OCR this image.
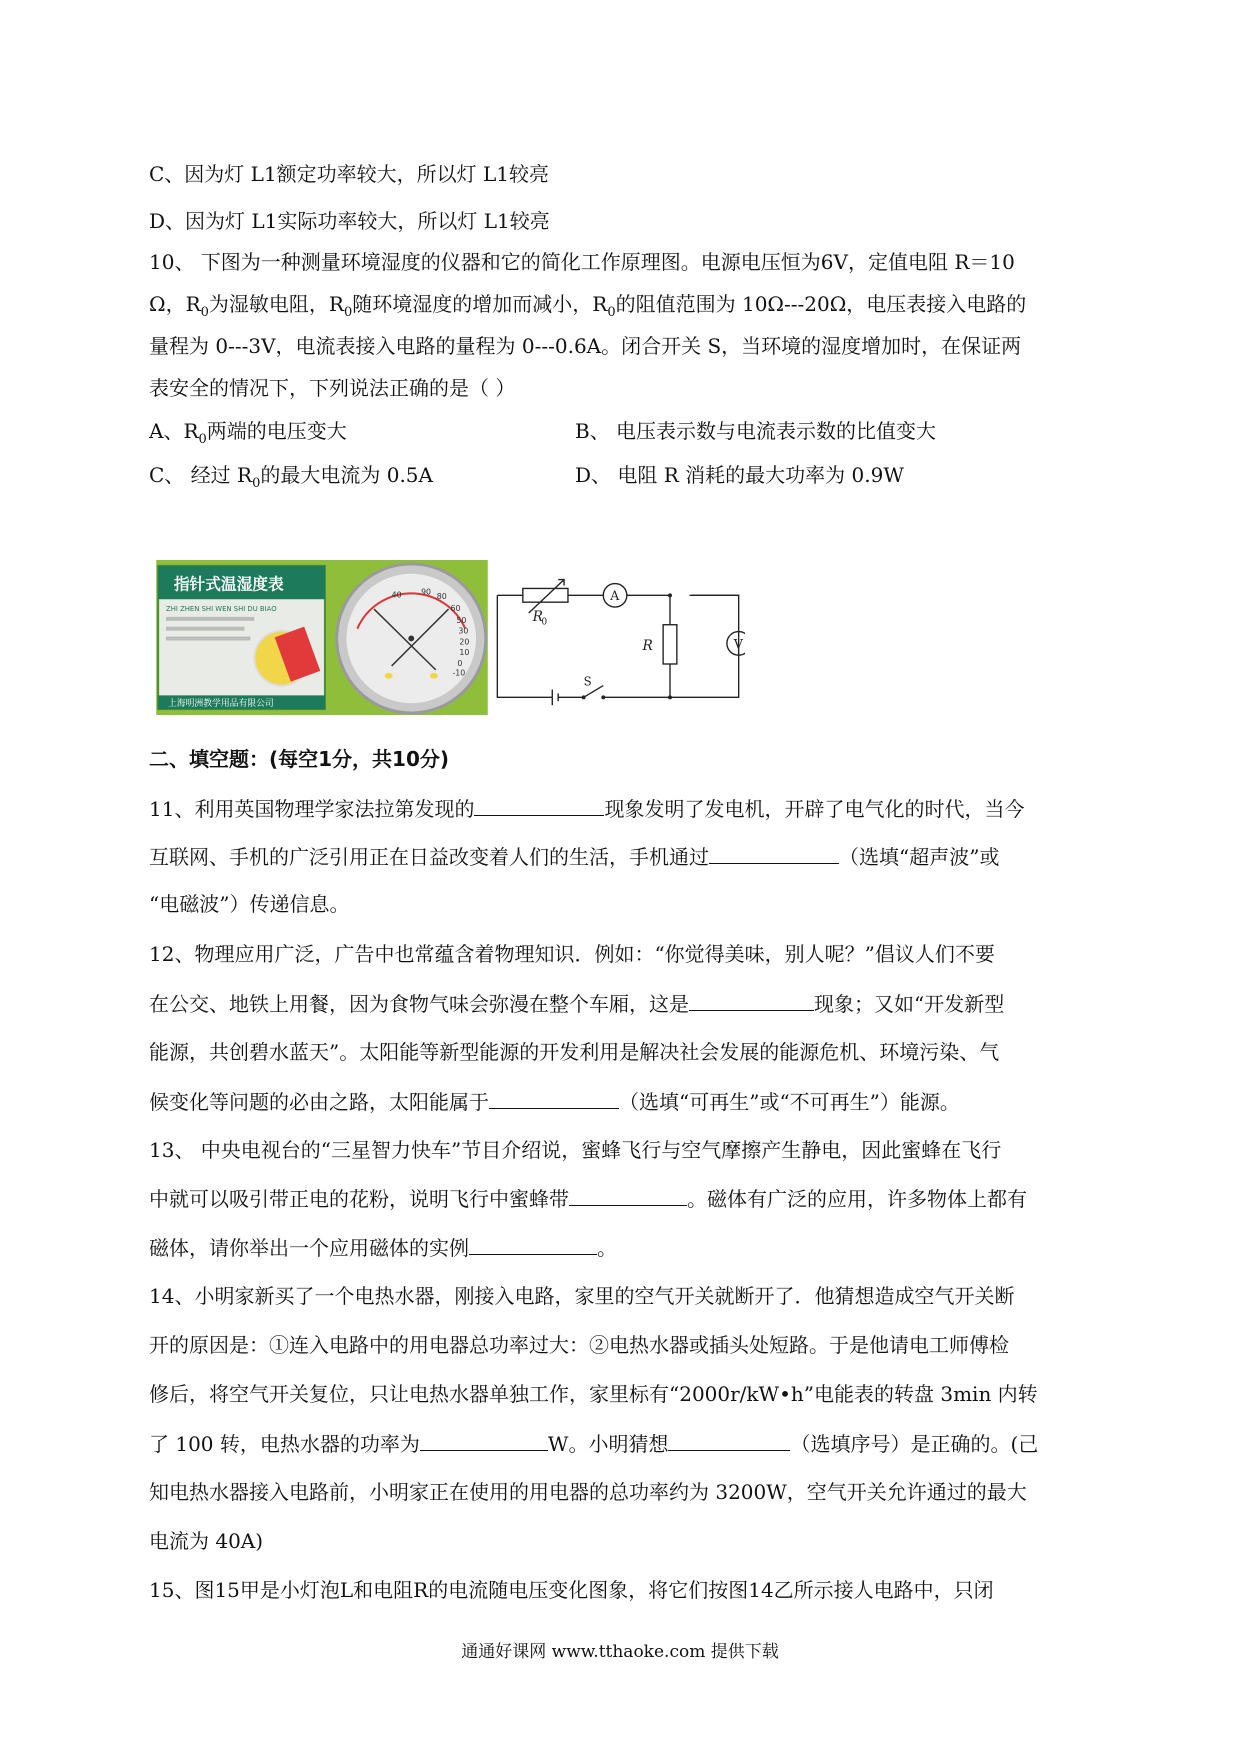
C、因为灯 L1额定功率较大，所以灯 L1较亮
D、因为灯 L1实际功率较大，所以灯 L1较亮
10、 下图为一种测量环境湿度的仪器和它的简化工作原理图。电源电压恒为6V，定值电阻 R＝10
Ω，$R_0$为湿敏电阻，$R_0$随环境湿度的增加而减小，$R_0$的阻值范围为 10Ω---20Ω，电压表接入电路的
量程为 0---3V，电流表接入电路的量程为 0---0.6A。闭合开关 S，当环境的湿度增加时，在保证两
表安全的情况下，下列说法正确的是（ ）
A、$R_0$两端的电压变大	B、 电压表示数与电流表示数的比值变大
C、 经过 $R_0$的最大电流为 0.5A	D、 电阻 R 消耗的最大功率为 0.9W
指针式温湿度表
ZHI ZHEN SHI WEN SHI DU BIAO
上海明洲教学用品有限公司
40 90
80
60
50
30
20
10
0
-10
R
0
A
R	V
S
二、填空题：(每空1分，共10分)
11、利用英国物理学家法拉第发现的	现象发明了发电机，开辟了电气化的时代，当今
互联网、手机的广泛引用正在日益改变着人们的生活，手机通过	（选填“超声波”或
“电磁波”）传递信息。
12、物理应用广泛，广告中也常蕴含着物理知识．例如：“你觉得美味，别人呢？”倡议人们不要
在公交、地铁上用餐，因为食物气味会弥漫在整个车厢，这是	现象；又如“开发新型
能源，共创碧水蓝天”。太阳能等新型能源的开发利用是解决社会发展的能源危机、环境污染、气
候变化等问题的必由之路，太阳能属于	（选填“可再生”或“不可再生”）能源。
13、 中央电视台的“三星智力快车”节目介绍说，蜜蜂飞行与空气摩擦产生静电，因此蜜蜂在飞行
中就可以吸引带正电的花粉，说明飞行中蜜蜂带	。磁体有广泛的应用，许多物体上都有
磁体，请你举出一个应用磁体的实例	。
14、小明家新买了一个电热水器，刚接入电路，家里的空气开关就断开了．他猜想造成空气开关断
开的原因是：①连入电路中的用电器总功率过大：②电热水器或插头处短路。于是他请电工师傅检
修后，将空气开关复位，只让电热水器单独工作，家里标有“2000r/kW•h”电能表的转盘 3min 内转
了 100 转，电热水器的功率为	W。小明猜想	（选填序号）是正确的。(己
知电热水器接入电路前，小明家正在使用的用电器的总功率约为 3200W，空气开关允许通过的最大
电流为 40A)
15、图15甲是小灯泡L和电阻R的电流随电压变化图象，将它们按图14乙所示接人电路中，只闭
通通好课网 www.tthaoke.com 提供下载
